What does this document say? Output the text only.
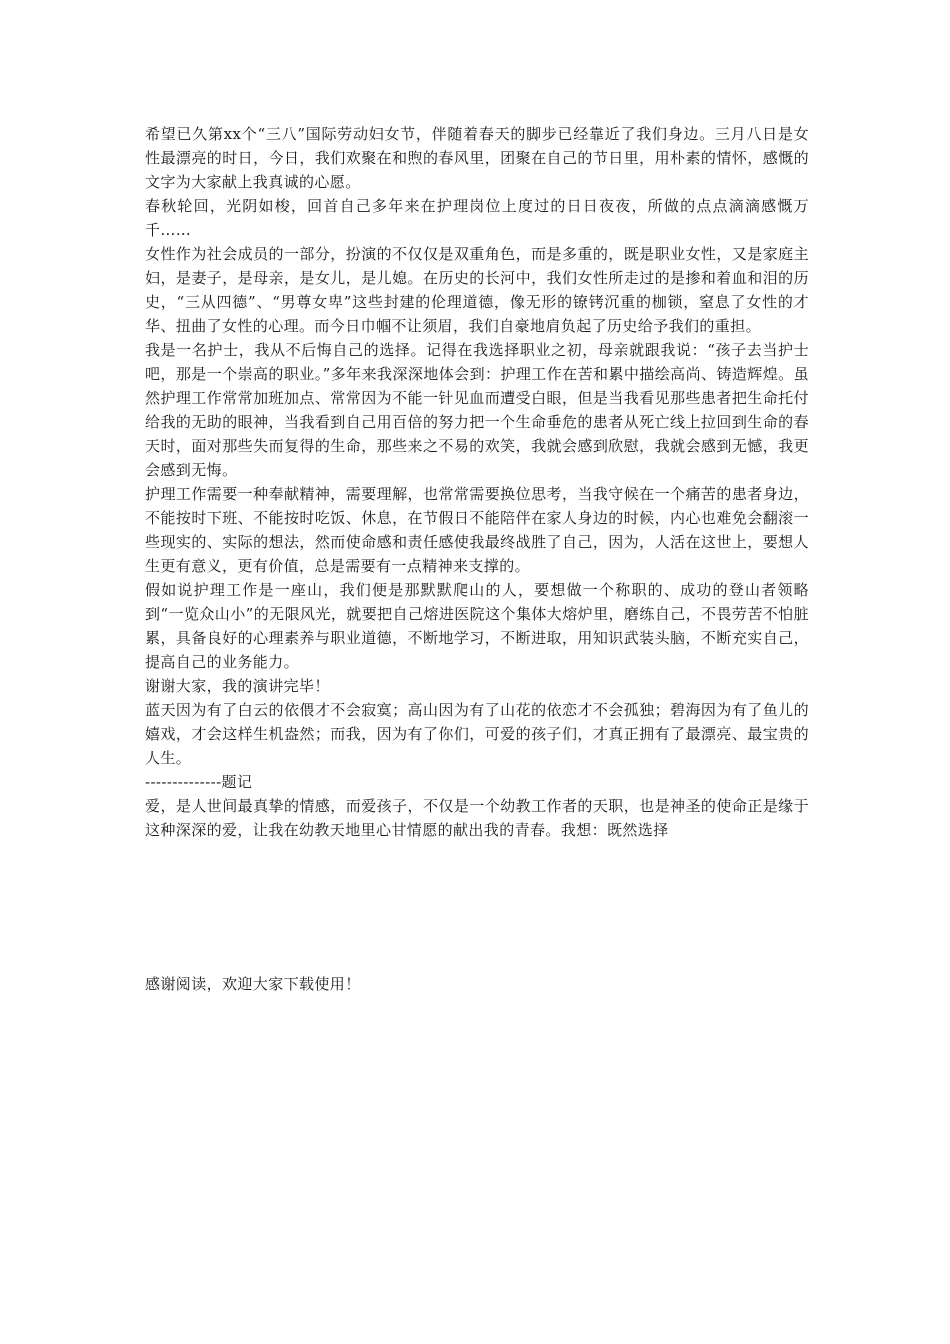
希望已久第xx个“三八”国际劳动妇女节，伴随着春天的脚步已经靠近了我们身边。三月八日是女性最漂亮的时日，今日，我们欢聚在和煦的春风里，团聚在自己的节日里，用朴素的情怀，感慨的文字为大家献上我真诚的心愿。

春秋轮回，光阴如梭，回首自己多年来在护理岗位上度过的日日夜夜，所做的点点滴滴感慨万千……

女性作为社会成员的一部分，扮演的不仅仅是双重角色，而是多重的，既是职业女性，又是家庭主妇，是妻子，是母亲，是女儿，是儿媳。在历史的长河中，我们女性所走过的是掺和着血和泪的历史，“三从四德”、“男尊女卑”这些封建的伦理道德，像无形的镣铐沉重的枷锁，窒息了女性的才华、扭曲了女性的心理。而今日巾帼不让须眉，我们自豪地肩负起了历史给予我们的重担。

我是一名护士，我从不后悔自己的选择。记得在我选择职业之初，母亲就跟我说：“孩子去当护士吧，那是一个崇高的职业。”多年来我深深地体会到：护理工作在苦和累中描绘高尚、铸造辉煌。虽然护理工作常常加班加点、常常因为不能一针见血而遭受白眼，但是当我看见那些患者把生命托付给我的无助的眼神，当我看到自己用百倍的努力把一个生命垂危的患者从死亡线上拉回到生命的春天时，面对那些失而复得的生命，那些来之不易的欢笑，我就会感到欣慰，我就会感到无憾，我更会感到无悔。

护理工作需要一种奉献精神，需要理解，也常常需要换位思考，当我守候在一个痛苦的患者身边，不能按时下班、不能按时吃饭、休息，在节假日不能陪伴在家人身边的时候，内心也难免会翻滚一些现实的、实际的想法，然而使命感和责任感使我最终战胜了自己，因为，人活在这世上，要想人生更有意义，更有价值，总是需要有一点精神来支撑的。

假如说护理工作是一座山，我们便是那默默爬山的人，要想做一个称职的、成功的登山者领略到“一览众山小”的无限风光，就要把自己熔进医院这个集体大熔炉里，磨练自己，不畏劳苦不怕脏累，具备良好的心理素养与职业道德，不断地学习，不断进取，用知识武装头脑，不断充实自己，提高自己的业务能力。

谢谢大家，我的演讲完毕！

蓝天因为有了白云的依偎才不会寂寞；高山因为有了山花的依恋才不会孤独；碧海因为有了鱼儿的嬉戏，才会这样生机盎然；而我，因为有了你们，可爱的孩子们，才真正拥有了最漂亮、最宝贵的人生。

--------------题记

爱，是人世间最真挚的情感，而爱孩子，不仅是一个幼教工作者的天职，也是神圣的使命正是缘于这种深深的爱，让我在幼教天地里心甘情愿的献出我的青春。我想：既然选择

感谢阅读，欢迎大家下载使用！
